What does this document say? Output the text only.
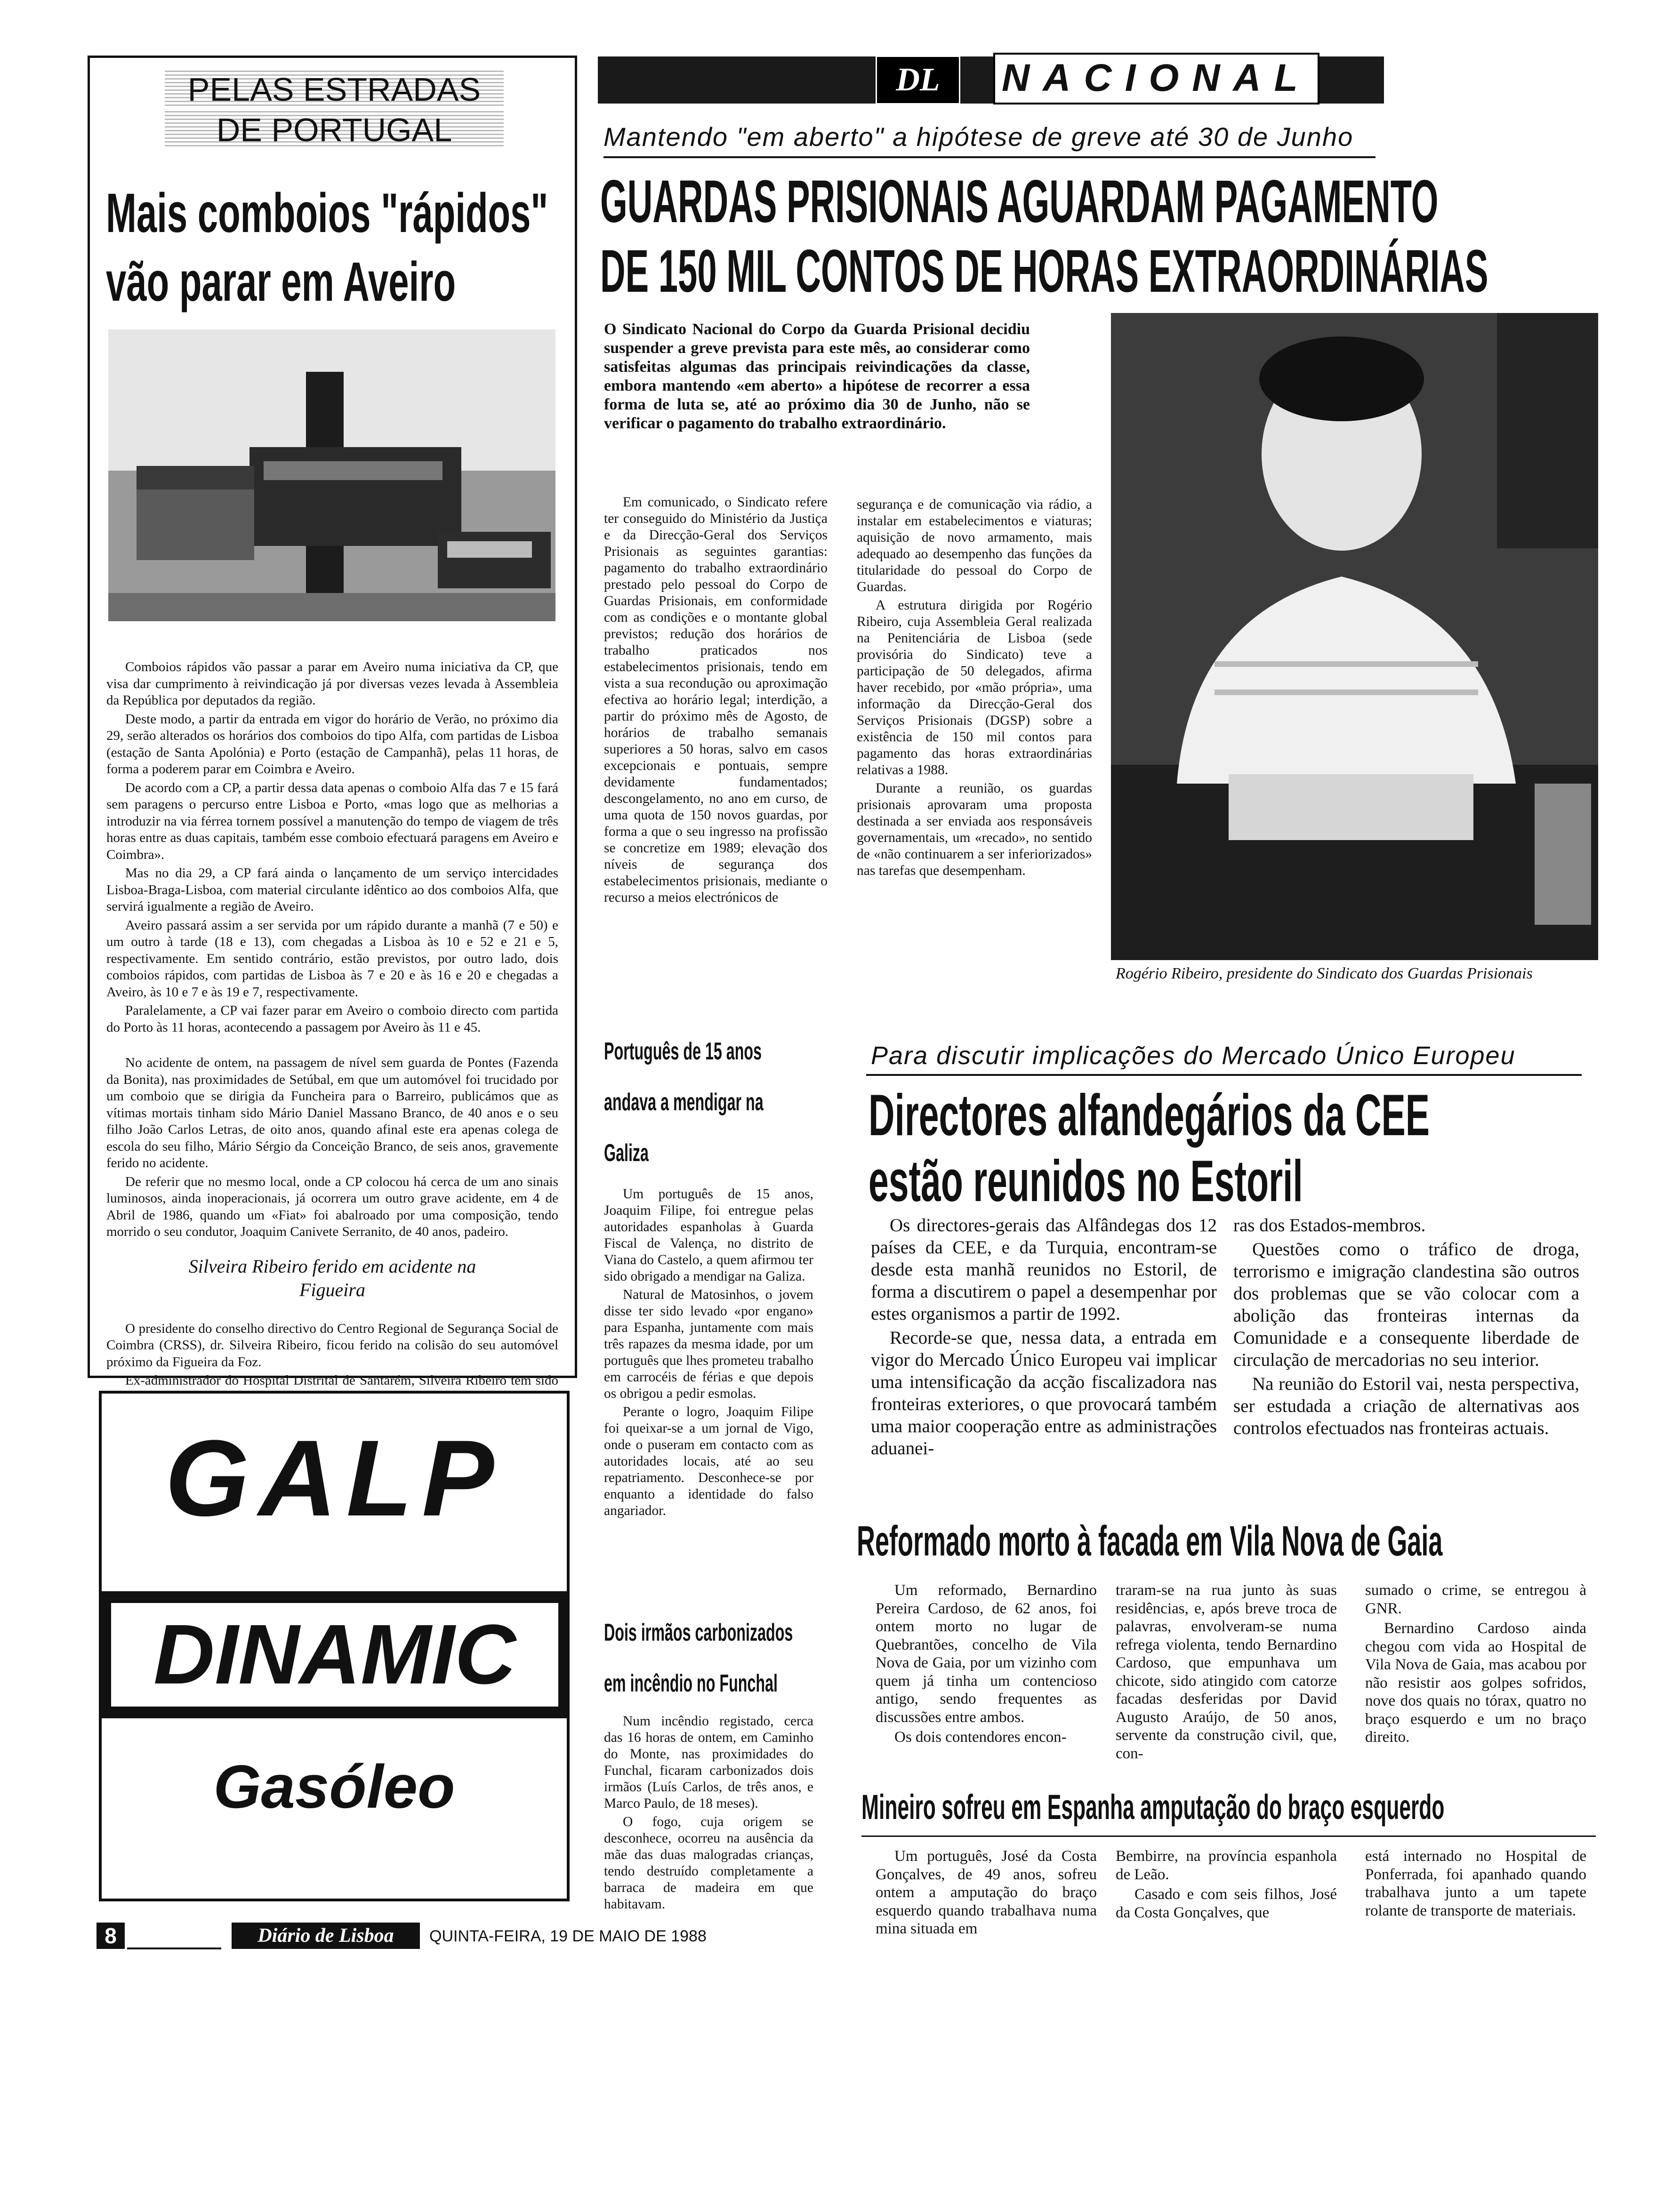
DL	NACIONAL
PELAS ESTRADAS
DE PORTUGAL
Mais comboios "rápidos" vão parar em Aveiro

Comboios rápidos vão passar a parar em Aveiro numa iniciativa da CP, que visa dar cumprimento à reivindicação já por diversas vezes levada à Assembleia da República por deputados da região.

Deste modo, a partir da entrada em vigor do horário de Verão, no próximo dia 29, serão alterados os horários dos comboios do tipo Alfa, com partidas de Lisboa (estação de Santa Apolónia) e Porto (estação de Campanhã), pelas 11 horas, de forma a poderem parar em Coimbra e Aveiro.

De acordo com a CP, a partir dessa data apenas o comboio Alfa das 7 e 15 fará sem paragens o percurso entre Lisboa e Porto, «mas logo que as melhorias a introduzir na via férrea tornem possível a manutenção do tempo de viagem de três horas entre as duas capitais, também esse comboio efectuará paragens em Aveiro e Coimbra».

Mas no dia 29, a CP fará ainda o lançamento de um serviço intercidades Lisboa-Braga-Lisboa, com material circulante idêntico ao dos comboios Alfa, que servirá igualmente a região de Aveiro.

Aveiro passará assim a ser servida por um rápido durante a manhã (7 e 50) e um outro à tarde (18 e 13), com chegadas a Lisboa às 10 e 52 e 21 e 5, respectivamente. Em sentido contrário, estão previstos, por outro lado, dois comboios rápidos, com partidas de Lisboa às 7 e 20 e às 16 e 20 e chegadas a Aveiro, às 10 e 7 e às 19 e 7, respectivamente.

Paralelamente, a CP vai fazer parar em Aveiro o comboio directo com partida do Porto às 11 horas, acontecendo a passagem por Aveiro às 11 e 45.

No acidente de ontem, na passagem de nível sem guarda de Pontes (Fazenda da Bonita), nas proximidades de Setúbal, em que um automóvel foi trucidado por um comboio que se dirigia da Funcheira para o Barreiro, publicámos que as vítimas mortais tinham sido Mário Daniel Massano Branco, de 40 anos e o seu filho João Carlos Letras, de oito anos, quando afinal este era apenas colega de escola do seu filho, Mário Sérgio da Conceição Branco, de seis anos, gravemente ferido no acidente.

De referir que no mesmo local, onde a CP colocou há cerca de um ano sinais luminosos, ainda inoperacionais, já ocorrera um outro grave acidente, em 4 de Abril de 1986, quando um «Fiat» foi abalroado por uma composição, tendo morrido o seu condutor, Joaquim Canivete Serranito, de 40 anos, padeiro.

Silveira Ribeiro ferido em acidente na Figueira

O presidente do conselho directivo do Centro Regional de Segurança Social de Coimbra (CRSS), dr. Silveira Ribeiro, ficou ferido na colisão do seu automóvel próximo da Figueira da Foz.

Ex-administrador do Hospital Distrital de Santarém, Silveira Ribeiro tem sido

GALP
DINAMIC
Gasóleo
8	Diário de Lisboa	QUINTA-FEIRA, 19 DE MAIO DE 1988
Mantendo "em aberto" a hipótese de greve até 30 de Junho
GUARDAS PRISIONAIS AGUARDAM PAGAMENTO
DE 150 MIL CONTOS DE HORAS EXTRAORDINÁRIAS
O Sindicato Nacional do Corpo da Guarda Prisional decidiu suspender a greve prevista para este mês, ao considerar como satisfeitas algumas das principais reivindicações da classe, embora mantendo «em aberto» a hipótese de recorrer a essa forma de luta se, até ao próximo dia 30 de Junho, não se verificar o pagamento do trabalho extraordinário.
Em comunicado, o Sindicato refere ter conseguido do Ministério da Justiça e da Direcção-Geral dos Serviços Prisionais as seguintes garantias: pagamento do trabalho extraordinário prestado pelo pessoal do Corpo de Guardas Prisionais, em conformidade com as condições e o montante global previstos; redução dos horários de trabalho praticados nos estabelecimentos prisionais, tendo em vista a sua recondução ou aproximação efectiva ao horário legal; interdição, a partir do próximo mês de Agosto, de horários de trabalho semanais superiores a 50 horas, salvo em casos excepcionais e pontuais, sempre devidamente fundamentados; descongelamento, no ano em curso, de uma quota de 150 novos guardas, por forma a que o seu ingresso na profissão se concretize em 1989; elevação dos níveis de segurança dos estabelecimentos prisionais, mediante o recurso a meios electrónicos de

segurança e de comunicação via rádio, a instalar em estabelecimentos e viaturas; aquisição de novo armamento, mais adequado ao desempenho das funções da titularidade do pessoal do Corpo de Guardas.

A estrutura dirigida por Rogério Ribeiro, cuja Assembleia Geral realizada na Penitenciária de Lisboa (sede provisória do Sindicato) teve a participação de 50 delegados, afirma haver recebido, por «mão própria», uma informação da Direcção-Geral dos Serviços Prisionais (DGSP) sobre a existência de 150 mil contos para pagamento das horas extraordinárias relativas a 1988.

Durante a reunião, os guardas prisionais aprovaram uma proposta destinada a ser enviada aos responsáveis governamentais, um «recado», no sentido de «não continuarem a ser inferiorizados» nas tarefas que desempenham.

Rogério Ribeiro, presidente do Sindicato dos Guardas Prisionais
Português de 15 anos andava a mendigar na Galiza

Um português de 15 anos, Joaquim Filipe, foi entregue pelas autoridades espanholas à Guarda Fiscal de Valença, no distrito de Viana do Castelo, a quem afirmou ter sido obrigado a mendigar na Galiza.

Natural de Matosinhos, o jovem disse ter sido levado «por engano» para Espanha, juntamente com mais três rapazes da mesma idade, por um português que lhes prometeu trabalho em carrocéis de férias e que depois os obrigou a pedir esmolas.

Perante o logro, Joaquim Filipe foi queixar-se a um jornal de Vigo, onde o puseram em contacto com as autoridades locais, até ao seu repatriamento. Desconhece-se por enquanto a identidade do falso angariador.

Dois irmãos carbonizados em incêndio no Funchal

Num incêndio registado, cerca das 16 horas de ontem, em Caminho do Monte, nas proximidades do Funchal, ficaram carbonizados dois irmãos (Luís Carlos, de três anos, e Marco Paulo, de 18 meses).

O fogo, cuja origem se desconhece, ocorreu na ausência da mãe das duas malogradas crianças, tendo destruído completamente a barraca de madeira em que habitavam.

Para discutir implicações do Mercado Único Europeu
Directores alfandegários da CEE
estão reunidos no Estoril

Os directores-gerais das Alfândegas dos 12 países da CEE, e da Turquia, encontram-se desde esta manhã reunidos no Estoril, de forma a discutirem o papel a desempenhar por estes organismos a partir de 1992.

Recorde-se que, nessa data, a entrada em vigor do Mercado Único Europeu vai implicar uma intensificação da acção fiscalizadora nas fronteiras exteriores, o que provocará também uma maior cooperação entre as administrações aduanei-

ras dos Estados-membros.

Questões como o tráfico de droga, terrorismo e imigração clandestina são outros dos problemas que se vão colocar com a abolição das fronteiras internas da Comunidade e a consequente liberdade de circulação de mercadorias no seu interior.

Na reunião do Estoril vai, nesta perspectiva, ser estudada a criação de alternativas aos controlos efectuados nas fronteiras actuais.

Reformado morto à facada em Vila Nova de Gaia

Um reformado, Bernardino Pereira Cardoso, de 62 anos, foi ontem morto no lugar de Quebrantões, concelho de Vila Nova de Gaia, por um vizinho com quem já tinha um contencioso antigo, sendo frequentes as discussões entre ambos.

Os dois contendores encon-

traram-se na rua junto às suas residências, e, após breve troca de palavras, envolveram-se numa refrega violenta, tendo Bernardino Cardoso, que empunhava um chicote, sido atingido com catorze facadas desferidas por David Augusto Araújo, de 50 anos, servente da construção civil, que, con-

sumado o crime, se entregou à GNR.

Bernardino Cardoso ainda chegou com vida ao Hospital de Vila Nova de Gaia, mas acabou por não resistir aos golpes sofridos, nove dos quais no tórax, quatro no braço esquerdo e um no braço direito.

Mineiro sofreu em Espanha amputação do braço esquerdo

Um português, José da Costa Gonçalves, de 49 anos, sofreu ontem a amputação do braço esquerdo quando trabalhava numa mina situada em

Bembirre, na província espanhola de Leão.

Casado e com seis filhos, José da Costa Gonçalves, que

está internado no Hospital de Ponferrada, foi apanhado quando trabalhava junto a um tapete rolante de transporte de materiais.
